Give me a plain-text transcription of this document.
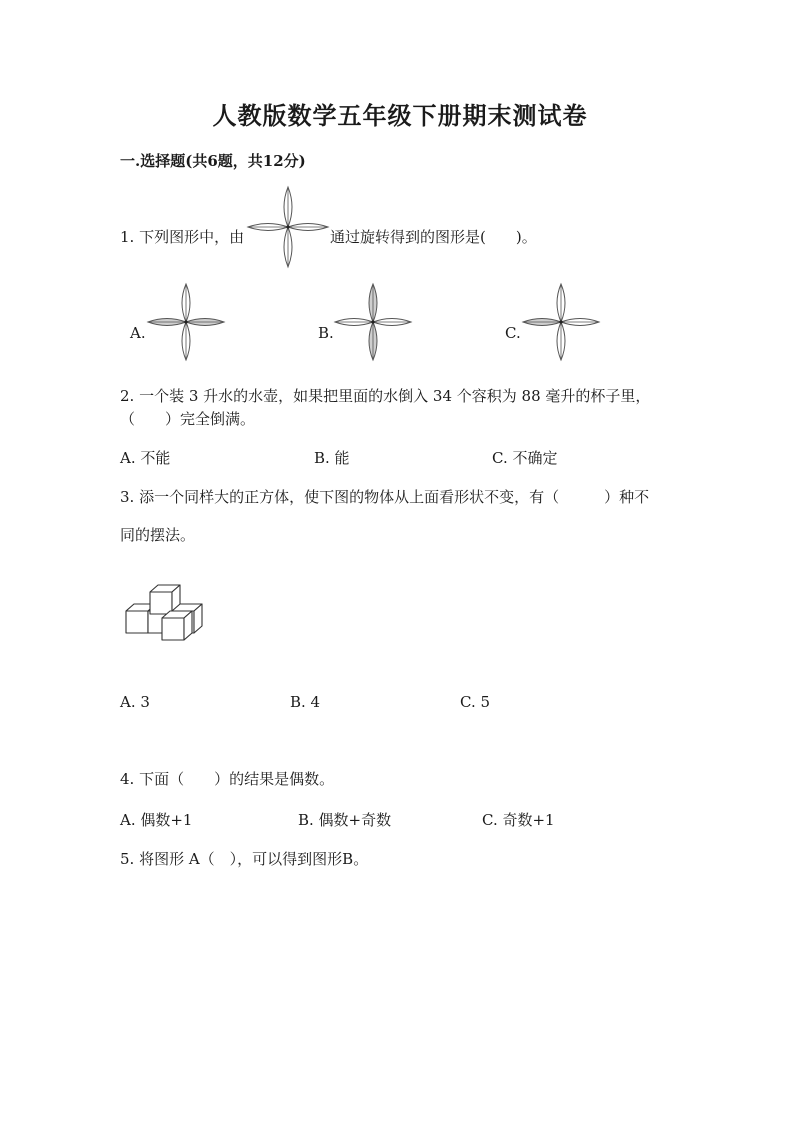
人教版数学五年级下册期末测试卷
一.选择题(共6题，共12分)
1. 下列图形中，由	通过旋转得到的图形是(　　)。
A.	B.	C.
2. 一个装 3 升水的水壶，如果把里面的水倒入 34 个容积为 88 毫升的杯子里，
（　　）完全倒满。
A. 不能	B. 能	C. 不确定
3. 添一个同样大的正方体，使下图的物体从上面看形状不变，有（　　　）种不
同的摆法。
A. 3	B. 4	C. 5
4. 下面（　　）的结果是偶数。
A. 偶数+1	B. 偶数+奇数	C. 奇数+1
5. 将图形 A（　），可以得到图形B。
